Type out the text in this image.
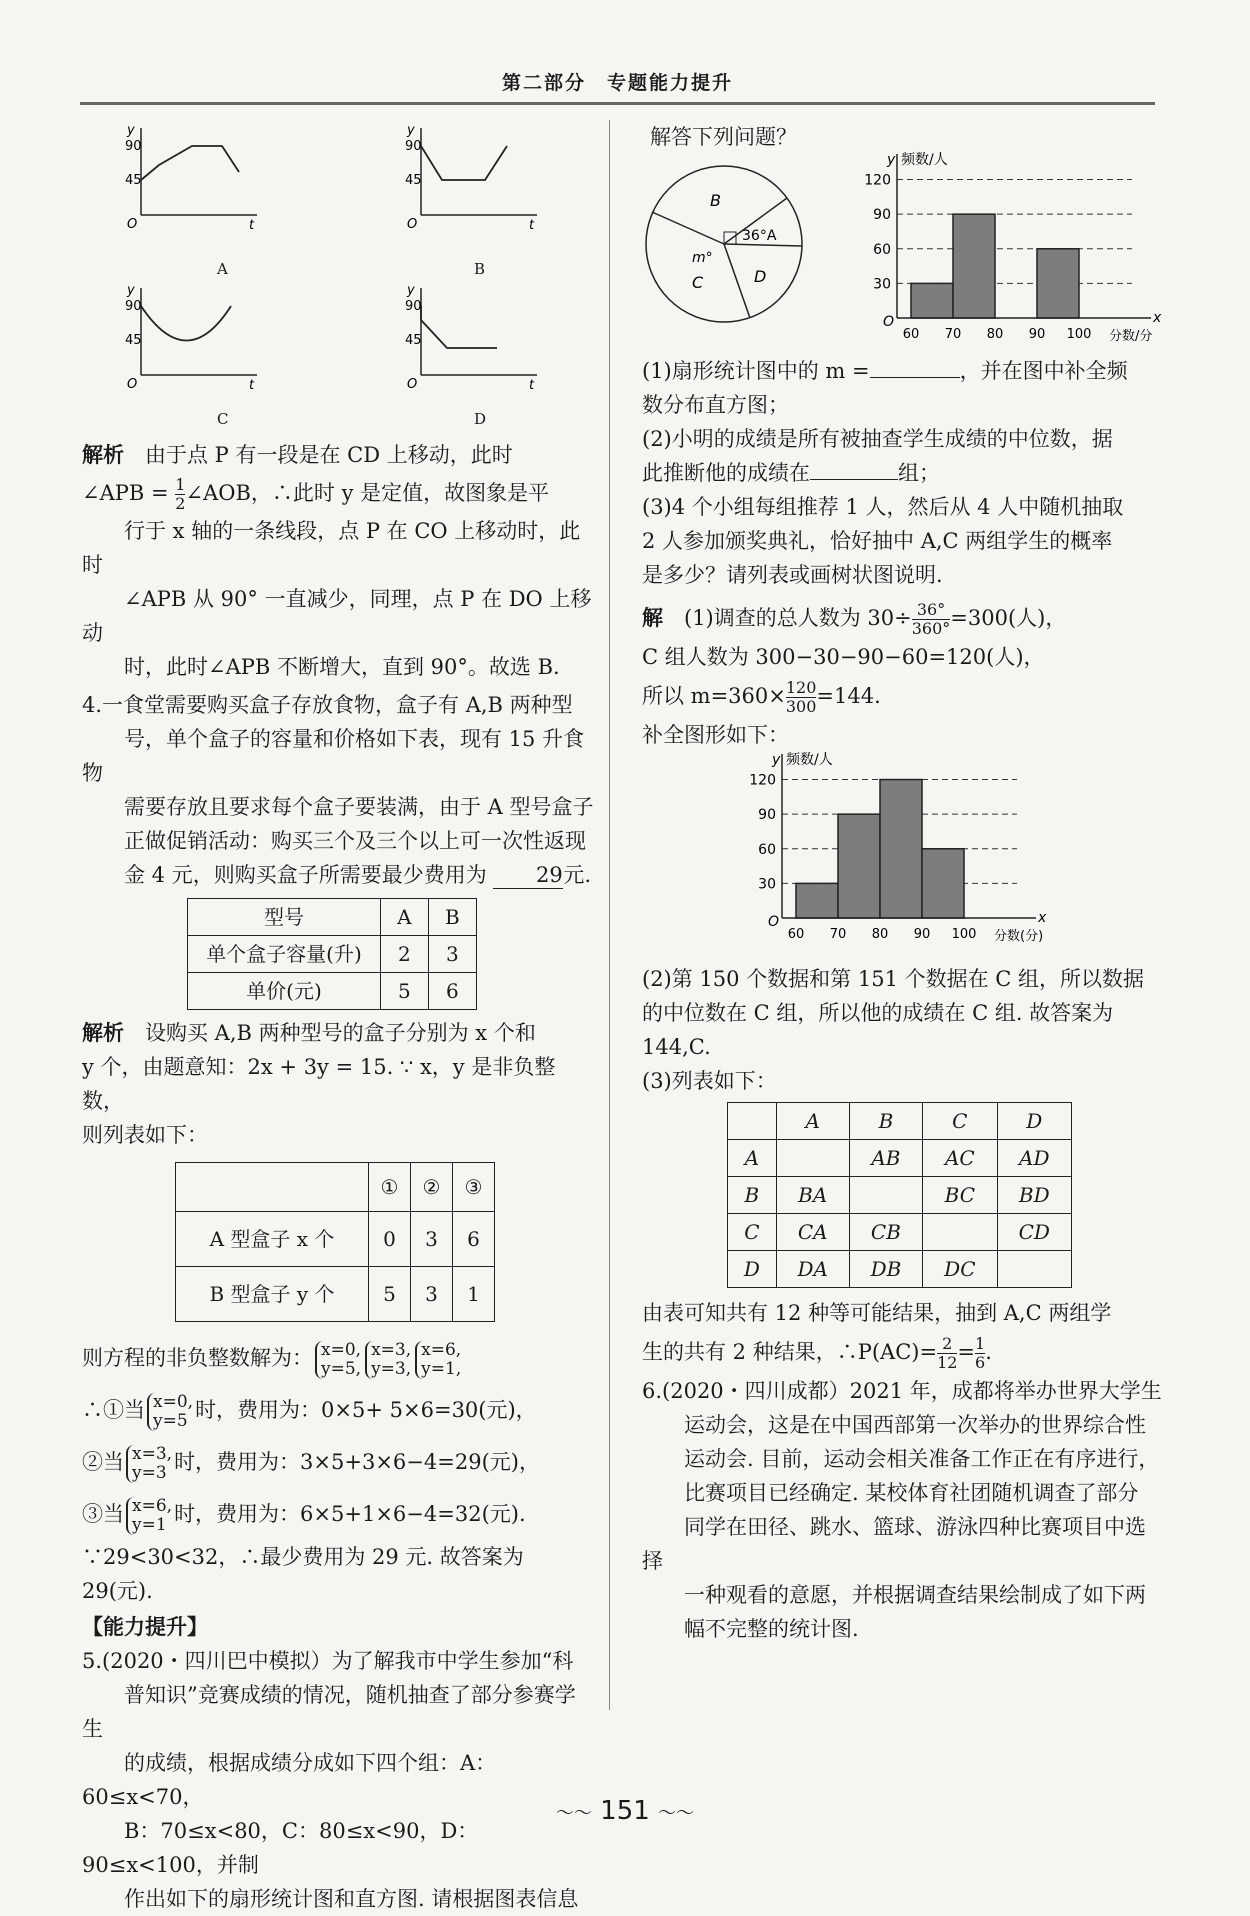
第二部分　专题能力提升
y
t
O
90
45
A
y
t
O
90
45
B
y
t
O
90
45
C
y
t
O
90
45
D

解析　 由于点 P 有一段是在 CD 上移动，此时

∠APB = $\frac{1}{2}$ ∠AOB，∴此时 y 是定值，故图象是平

行于 x 轴的一条线段，点 P 在 CO 上移动时，此时

∠APB 从 90° 一直减少，同理，点 P 在 DO 上移动

时，此时∠APB 不断增大，直到 90°。故选 B.

4.一食堂需要购买盒子存放食物，盒子有 A,B 两种型

号，单个盒子的容量和价格如下表，现有 15 升食物

需要存放且要求每个盒子要装满，由于 A 型号盒子

正做促销活动：购买三个及三个以上可一次性返现

金 4 元，则购买盒子所需要最少费用为 29元.

型号	A	B
单个盒子容量(升)	2	3
单价(元)	5	6

解析　 设购买 A,B 两种型号的盒子分别为 x 个和

y 个，由题意知：2x + 3y = 15. ∵ x，y 是非负整数，

则列表如下：

	①	②	③
A 型盒子 x 个	0	3	6
B 型盒子 y 个	5	3	1

则方程的非负整数解为： x=0,
y=5,x=3,
y=3,x=6,
y=1,

∴①当 x=0,
y=5 时，费用为：0×5+ 5×6=30(元)，

②当 x=3,
y=3 时，费用为：3×5+3×6−4=29(元)，

③当 x=6,
y=1 时，费用为：6×5+1×6−4=32(元).

∵29<30<32，∴最少费用为 29 元. 故答案为 29(元).

【能力提升】

5.(2020・四川巴中模拟）为了解我市中学生参加“科

普知识”竞赛成绩的情况，随机抽查了部分参赛学生

的成绩，根据成绩分成如下四个组：A：60≤x<70，

B：70≤x<80，C：80≤x<90，D：90≤x<100，并制

作出如下的扇形统计图和直方图. 请根据图表信息

解答下列问题？

B
36°A
m°
C	D	30
60
90
120
x
y 频数/人
O
60 70 80 90 100 分数/分

(1)扇形统计图中的 m =	，并在图中补全频

数分布直方图；

(2)小明的成绩是所有被抽查学生成绩的中位数，据

此推断他的成绩在	组；

(3)4 个小组每组推荐 1 人，然后从 4 人中随机抽取

2 人参加颁奖典礼，恰好抽中 A,C 两组学生的概率

是多少？请列表或画树状图说明.

解　 (1)调查的总人数为 $30\div \frac{36^\circ}{360^\circ} =300$(人)，

C 组人数为 300−30−90−60=120(人)，

所以 $m=360\times \frac{120}{300} =144$.

补全图形如下：

30
60
90
120
x
y 频数/人
O
60 70 80 90 100 分数(分)

(2)第 150 个数据和第 151 个数据在 C 组，所以数据

的中位数在 C 组，所以他的成绩在 C 组. 故答案为

144,C.

(3)列表如下：

	A	B	C	D
A		AB	AC	AD
B	BA		BC	BD
C	CA	CB		CD
D	DA	DB	DC	

由表可知共有 12 种等可能结果，抽到 A,C 两组学

生的共有 2 种结果，∴P(AC)= $\frac{2}{12} = \frac{1}{6}$ .

6.(2020・四川成都）2021 年，成都将举办世界大学生

运动会，这是在中国西部第一次举办的世界综合性

运动会. 目前，运动会相关准备工作正在有序进行，

比赛项目已经确定. 某校体育社团随机调查了部分

同学在田径、跳水、篮球、游泳四种比赛项目中选择

一种观看的意愿，并根据调查结果绘制成了如下两

幅不完整的统计图.

〜〜 151 〜〜
